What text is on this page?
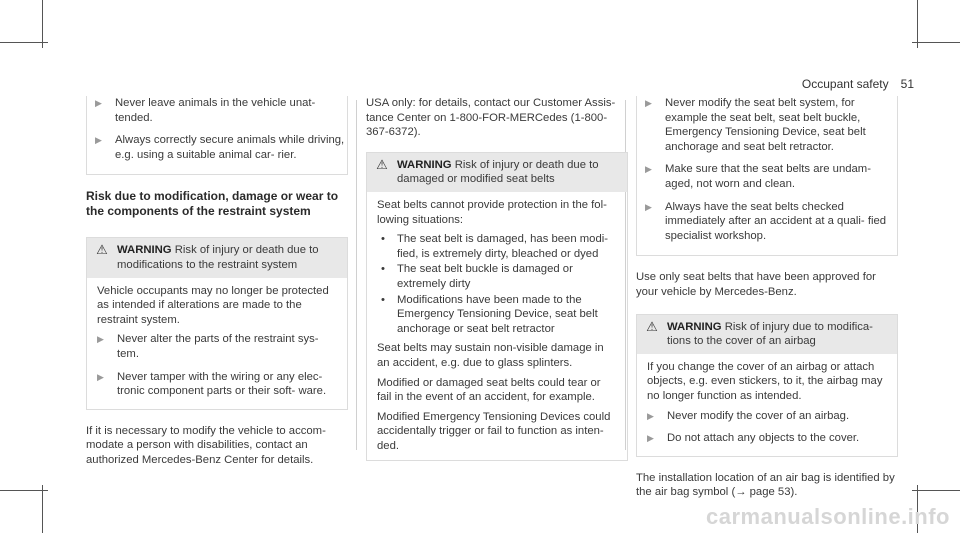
Occupant safety 51
▶	Never leave animals in the vehicle unat- tended.
▶	Always correctly secure animals while driving, e.g. using a suitable animal car- rier.
Risk due to modification, damage or wear to the components of the restraint system
⚠ WARNING Risk of injury or death due to modifications to the restraint system

Vehicle occupants may no longer be protected as intended if alterations are made to the restraint system.

▶	Never alter the parts of the restraint sys- tem.
▶	Never tamper with the wiring or any elec- tronic component parts or their soft- ware.

If it is necessary to modify the vehicle to accom- modate a person with disabilities, contact an authorized Mercedes-Benz Center for details.

USA only: for details, contact our Customer Assis- tance Center on 1-800-FOR-MERCedes (1-800-367-6372).

⚠ WARNING Risk of injury or death due to damaged or modified seat belts

Seat belts cannot provide protection in the fol- lowing situations:

•	The seat belt is damaged, has been modi- fied, is extremely dirty, bleached or dyed
•	The seat belt buckle is damaged or extremely dirty
•	Modifications have been made to the Emergency Tensioning Device, seat belt anchorage or seat belt retractor

Seat belts may sustain non-visible damage in an accident, e.g. due to glass splinters.

Modified or damaged seat belts could tear or fail in the event of an accident, for example.

Modified Emergency Tensioning Devices could accidentally trigger or fail to function as inten- ded.

▶	Never modify the seat belt system, for example the seat belt, seat belt buckle, Emergency Tensioning Device, seat belt anchorage and seat belt retractor.
▶	Make sure that the seat belts are undam- aged, not worn and clean.
▶	Always have the seat belts checked immediately after an accident at a quali- fied specialist workshop.

Use only seat belts that have been approved for your vehicle by Mercedes-Benz.

⚠ WARNING Risk of injury due to modifica- tions to the cover of an airbag

If you change the cover of an airbag or attach objects, e.g. even stickers, to it, the airbag may no longer function as intended.

▶	Never modify the cover of an airbag.
▶	Do not attach any objects to the cover.

The installation location of an air bag is identified by the air bag symbol (→ page 53).

carmanualsonline.info
